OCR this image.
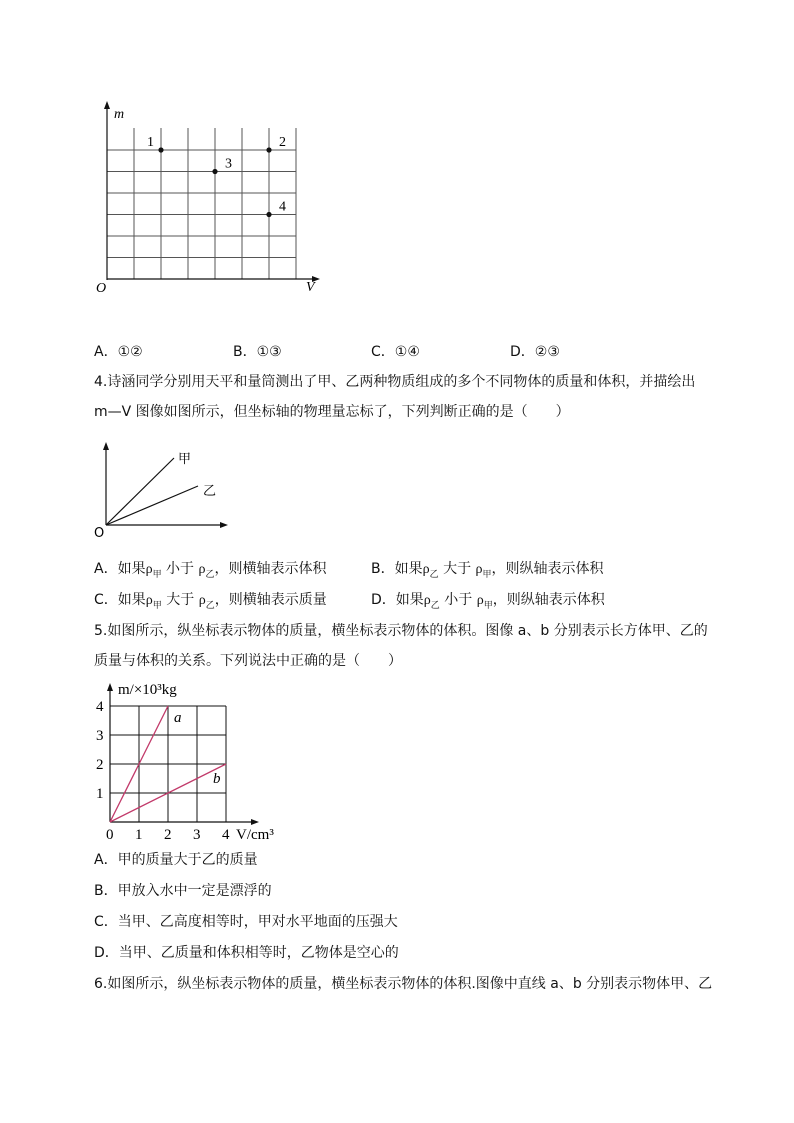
m
V
O
1	2
3
4
A．①②	B．①③	C．①④	D．②③
4.诗涵同学分别用天平和量筒测出了甲、乙两种物质组成的多个不同物体的质量和体积，并描绘出
m—V 图像如图所示，但坐标轴的物理量忘标了，下列判断正确的是（　　）
甲
乙
O
A．如果$\rho_甲$ 小于 $\rho_乙$，则横轴表示体积	B．如果$\rho_乙$ 大于 $\rho_甲$，则纵轴表示体积
C．如果$\rho_甲$ 大于 $\rho_乙$，则横轴表示质量	D．如果$\rho_乙$ 小于 $\rho_甲$，则纵轴表示体积
5.如图所示，纵坐标表示物体的质量，横坐标表示物体的体积。图像 a、b 分别表示长方体甲、乙的
质量与体积的关系。下列说法中正确的是（　　）
a
b
0 1 2 3 4
1
2
3
4
m/×10³kg
V/cm³
A．甲的质量大于乙的质量
B．甲放入水中一定是漂浮的
C．当甲、乙高度相等时，甲对水平地面的压强大
D．当甲、乙质量和体积相等时，乙物体是空心的
6.如图所示，纵坐标表示物体的质量，横坐标表示物体的体积.图像中直线 a、b 分别表示物体甲、乙
